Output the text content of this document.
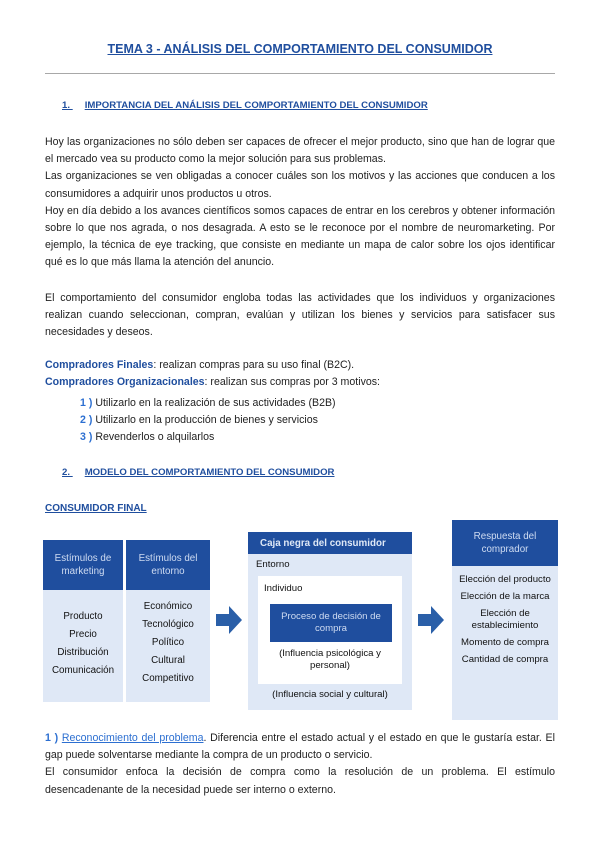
TEMA 3 - ANÁLISIS DEL COMPORTAMIENTO DEL CONSUMIDOR
1. IMPORTANCIA DEL ANÁLISIS DEL COMPORTAMIENTO DEL CONSUMIDOR

Hoy las organizaciones no sólo deben ser capaces de ofrecer el mejor producto, sino que han de lograr que el mercado vea su producto como la mejor solución para sus problemas.

Las organizaciones se ven obligadas a conocer cuáles son los motivos y las acciones que conducen a los consumidores a adquirir unos productos u otros.

Hoy en día debido a los avances científicos somos capaces de entrar en los cerebros y obtener información sobre lo que nos agrada, o nos desagrada. A esto se le reconoce por el nombre de neuromarketing. Por ejemplo, la técnica de eye tracking, que consiste en mediante un mapa de calor sobre los ojos identificar qué es lo que más llama la atención del anuncio.

El comportamiento del consumidor engloba todas las actividades que los individuos y organizaciones realizan cuando seleccionan, compran, evalúan y utilizan los bienes y servicios para satisfacer sus necesidades y deseos.
Compradores Finales: realizan compras para su uso final (B2C).
Compradores Organizacionales: realizan sus compras por 3 motivos:
1 ) Utilizarlo en la realización de sus actividades (B2B)
2 ) Utilizarlo en la producción de bienes y servicios
3 ) Revenderlos o alquilarlos
2. MODELO DEL COMPORTAMIENTO DEL CONSUMIDOR
CONSUMIDOR FINAL
Estímulos de marketing
Producto
Precio
Distribución
Comunicación
Estímulos del entorno
Económico
Tecnológico
Político
Cultural
Competitivo
Caja negra del consumidor
Entorno
Individuo
Proceso de decisión de compra
(Influencia psicológica y personal)
(Influencia social y cultural)
Respuesta del comprador
Elección del producto
Elección de la marca
Elección de establecimiento
Momento de compra
Cantidad de compra

1 ) Reconocimiento del problema. Diferencia entre el estado actual y el estado en que le gustaría estar. El gap puede solventarse mediante la compra de un producto o servicio.

El consumidor enfoca la decisión de compra como la resolución de un problema. El estímulo desencadenante de la necesidad puede ser interno o externo.
